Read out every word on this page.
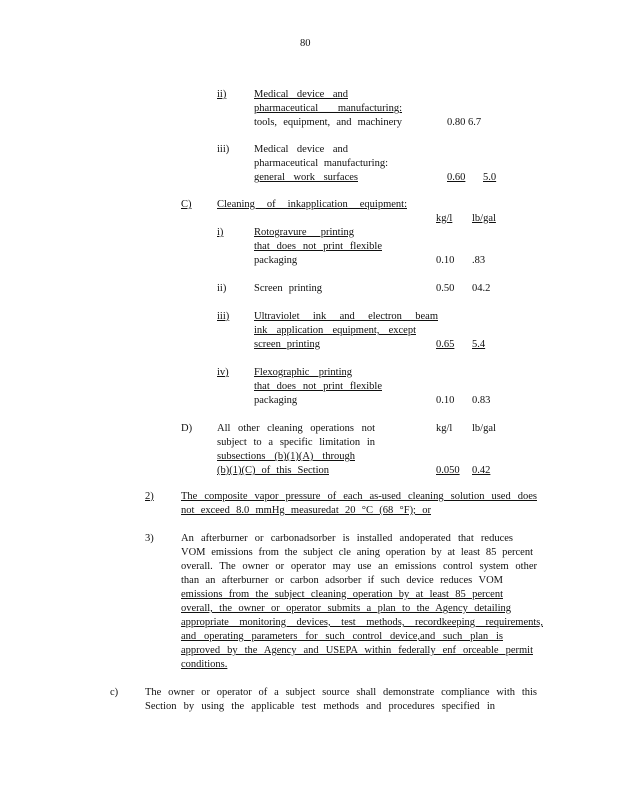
80
ii)	Medical device and
pharmaceutical manufacturing:
tools, equipment, and machinery	0.80 6.7
iii) Medical device and
pharmaceutical manufacturing:
general work surfaces	0.60 5.0
C) Cleaning of inkapplication equipment:
kg/l lb/gal
i)	Rotogravure printing
that does not print flexible
packaging	0.10 .83
ii)	Screen printing	0.50 04.2
iii) Ultraviolet ink and electron beam
ink application equipment, except
screen printing	0.65 5.4
iv) Flexographic printing
that does not print flexible
packaging	0.10 0.83
D) All other cleaning operations not
subject to a specific limitation in
subsections (b)(1)(A) through
(b)(1)(C) of this Section
kg/l lb/gal
0.050 0.42
2)	The composite vapor pressure of each as-used cleaning solution used does
not exceed 8.0 mmHg measuredat 20 °C (68 °F); or
3)	An afterburner or carbonadsorber is installed andoperated that reduces
VOM emissions from the subject cle aning operation by at least 85 percent
overall. The owner or operator may use an emissions control system other
than an afterburner or carbon adsorber if such device reduces VOM
emissions from the subject cleaning operation by at least 85 percent
overall, the owner or operator submits a plan to the Agency detailing
appropriate monitoring devices, test methods, recordkeeping requirements,
and operating parameters for such control device,and such plan is
approved by the Agency and USEPA within federally enf orceable permit
conditions.
c)	The owner or operator of a subject source shall demonstrate compliance with this
Section by using the applicable test methods and procedures specified in
